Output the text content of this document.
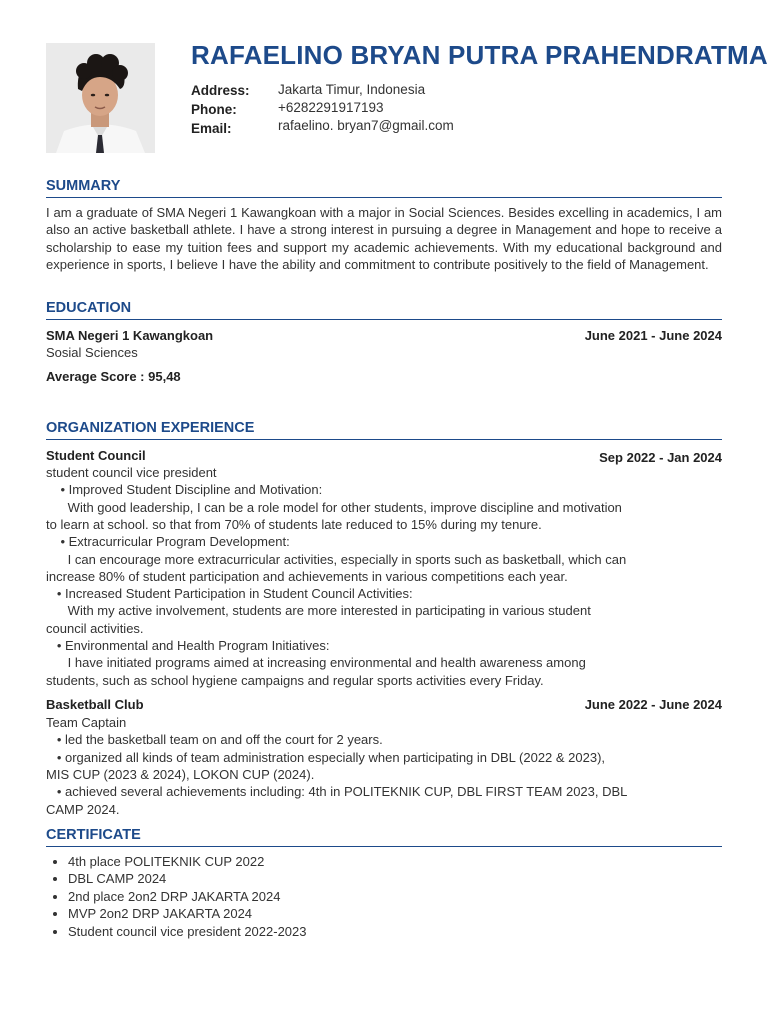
RAFAELINO BRYAN PUTRA PRAHENDRATMA
Address: Jakarta Timur, Indonesia
Phone:	+6282291917193
Email:	rafaelino. bryan7@gmail.com
SUMMARY
I am a graduate of SMA Negeri 1 Kawangkoan with a major in Social Sciences. Besides excelling in academics, I am also an active basketball athlete. I have a strong interest in pursuing a degree in Management and hope to receive a scholarship to ease my tuition fees and support my academic achievements. With my educational background and experience in sports, I believe I have the ability and commitment to contribute positively to the field of Management.
EDUCATION
SMA Negeri 1 Kawangkoan	June 2021 - June 2024
Sosial Sciences
Average Score : 95,48
ORGANIZATION EXPERIENCE
Student Council	Sep 2022 - Jan 2024
student council vice president
• Improved Student Discipline and Motivation:
With good leadership, I can be a role model for other students, improve discipline and motivation
to learn at school. so that from 70% of students late reduced to 15% during my tenure.
• Extracurricular Program Development:
I can encourage more extracurricular activities, especially in sports such as basketball, which can
increase 80% of student participation and achievements in various competitions each year.
• Increased Student Participation in Student Council Activities:
With my active involvement, students are more interested in participating in various student
council activities.
• Environmental and Health Program Initiatives:
I have initiated programs aimed at increasing environmental and health awareness among
students, such as school hygiene campaigns and regular sports activities every Friday.
Basketball Club	June 2022 - June 2024
Team Captain
• led the basketball team on and off the court for 2 years.
• organized all kinds of team administration especially when participating in DBL (2022 & 2023),
MIS CUP (2023 & 2024), LOKON CUP (2024).
• achieved several achievements including: 4th in POLITEKNIK CUP, DBL FIRST TEAM 2023, DBL
CAMP 2024.
CERTIFICATE
• 4th place POLITEKNIK CUP 2022
• DBL CAMP 2024
• 2nd place 2on2 DRP JAKARTA 2024
• MVP 2on2 DRP JAKARTA 2024
• Student council vice president 2022-2023
